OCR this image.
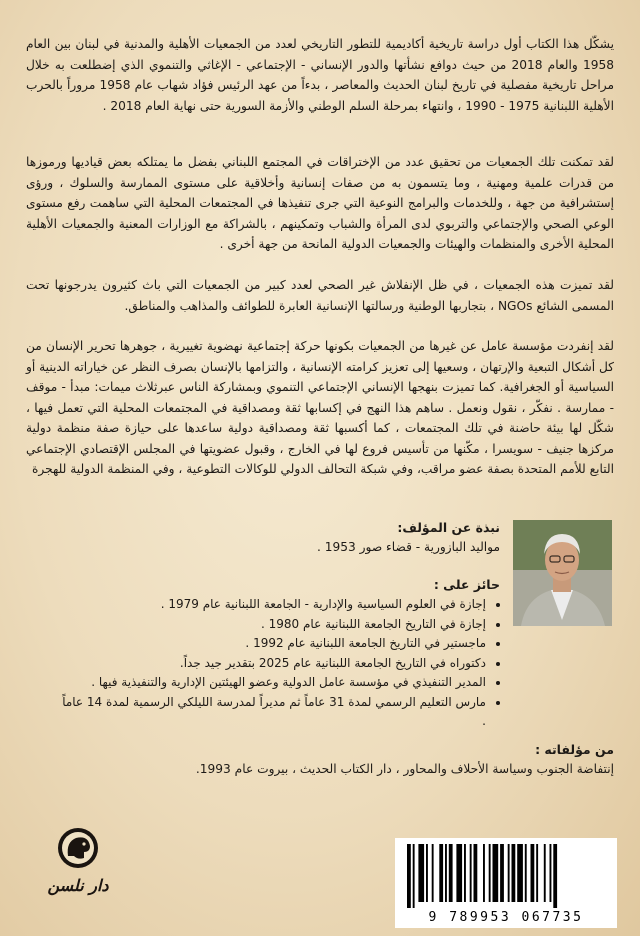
يشكّل هذا الكتاب أول دراسة تاريخية أكاديمية للتطور التاريخي لعدد من الجمعيات الأهلية والمدنية في لبنان بين العام 1958 والعام 2018 من حيث دوافع نشأتها والدور الإنساني - الإجتماعي - الإغاثي والتنموي الذي إضطلعت به خلال مراحل تاريخية مفصلية في تاريخ لبنان الحديث والمعاصر ، بدءاً من عهد الرئيس فؤاد شهاب عام 1958 مروراً بالحرب الأهلية اللبنانية 1975 - 1990 ، وانتهاء بمرحلة السلم الوطني والأزمة السورية حتى نهاية العام 2018 .

لقد تمكنت تلك الجمعيات من تحقيق عدد من الإختراقات في المجتمع اللبناني بفضل ما يمتلكه بعض قياديها ورموزها من قدرات علمية ومهنية ، وما يتسمون به من صفات إنسانية وأخلاقية على مستوى الممارسة والسلوك ، ورؤى إستشرافية من جهة ، وللخدمات والبرامج النوعية التي جرى تنفيذها في المجتمعات المحلية التي ساهمت رفع مستوى الوعي الصحي والإجتماعي والتربوي لدى المرأة والشباب وتمكينهم ، بالشراكة مع الوزارات المعنية والجمعيات الأهلية المحلية الأخرى والمنظمات والهيئات والجمعيات الدولية المانحة من جهة أخرى .

لقد تميزت هذه الجمعيات ، في ظل الإنفلاش غير الصحي لعدد كبير من الجمعيات التي باث كثيرون يدرجونها تحت المسمى الشائع NGOs ، بتجاربها الوطنية ورسالتها الإنسانية العابرة للطوائف والمذاهب والمناطق.

لقد إنفردت مؤسسة عامل عن غيرها من الجمعيات بكونها حركة إجتماعية نهضوية تغييرية ، جوهرها تحرير الإنسان من كل أشكال التبعية والإرتهان ، وسعيها إلى تعزيز كرامته الإنسانية ، والتزامها بالإنسان بصرف النظر عن خياراته الدينية أو السياسية أو الجغرافية. كما تميزت بنهجها الإنساني الإجتماعي التنموي وبمشاركة الناس عبرثلاث ميمات: مبدأ - موقف - ممارسة . نفكّر ، نقول ونعمل . ساهم هذا النهج في إكسابها ثقة ومصداقية في المجتمعات المحلية التي تعمل فيها ، شكّل لها بيئة حاضنة في تلك المجتمعات ، كما أكسبها ثقة ومصداقية دولية ساعدها على حيازة صفة منظمة دولية مركزها جنيف - سويسرا ، مكّنها من تأسيس فروع لها في الخارج ، وقبول عضويتها في المجلس الإقتصادي الإجتماعي التابع للأمم المتحدة بصفة عضو مراقب، وفي شبكة التحالف الدولي للوكالات التطوعية ، وفي المنظمة الدولية للهجرة

نبذة عن المؤلف:

مواليد البازورية - قضاء صور 1953 .

حائز على :

• إجازة في العلوم السياسية والإدارية - الجامعة اللبنانية عام 1979 .
• إجازة في التاريخ الجامعة اللبنانية عام 1980 .
• ماجستير في التاريخ الجامعة اللبنانية عام 1992 .
• دكتوراه في التاريخ الجامعة اللبنانية عام 2025 بتقدير جيد جداً.
• المدير التنفيذي في مؤسسة عامل الدولية وعضو الهيئتين الإدارية والتنفيذية فيها .
• مارس التعليم الرسمي لمدة 31 عاماً ثم مديراً لمدرسة الليلكي الرسمية لمدة 14 عاماً
.

من مؤلفاته :

إنتفاضة الجنوب وسياسة الأحلاف والمحاور ، دار الكتاب الحديث ، بيروت عام 1993.

دار نلسن
9 789953 067735
